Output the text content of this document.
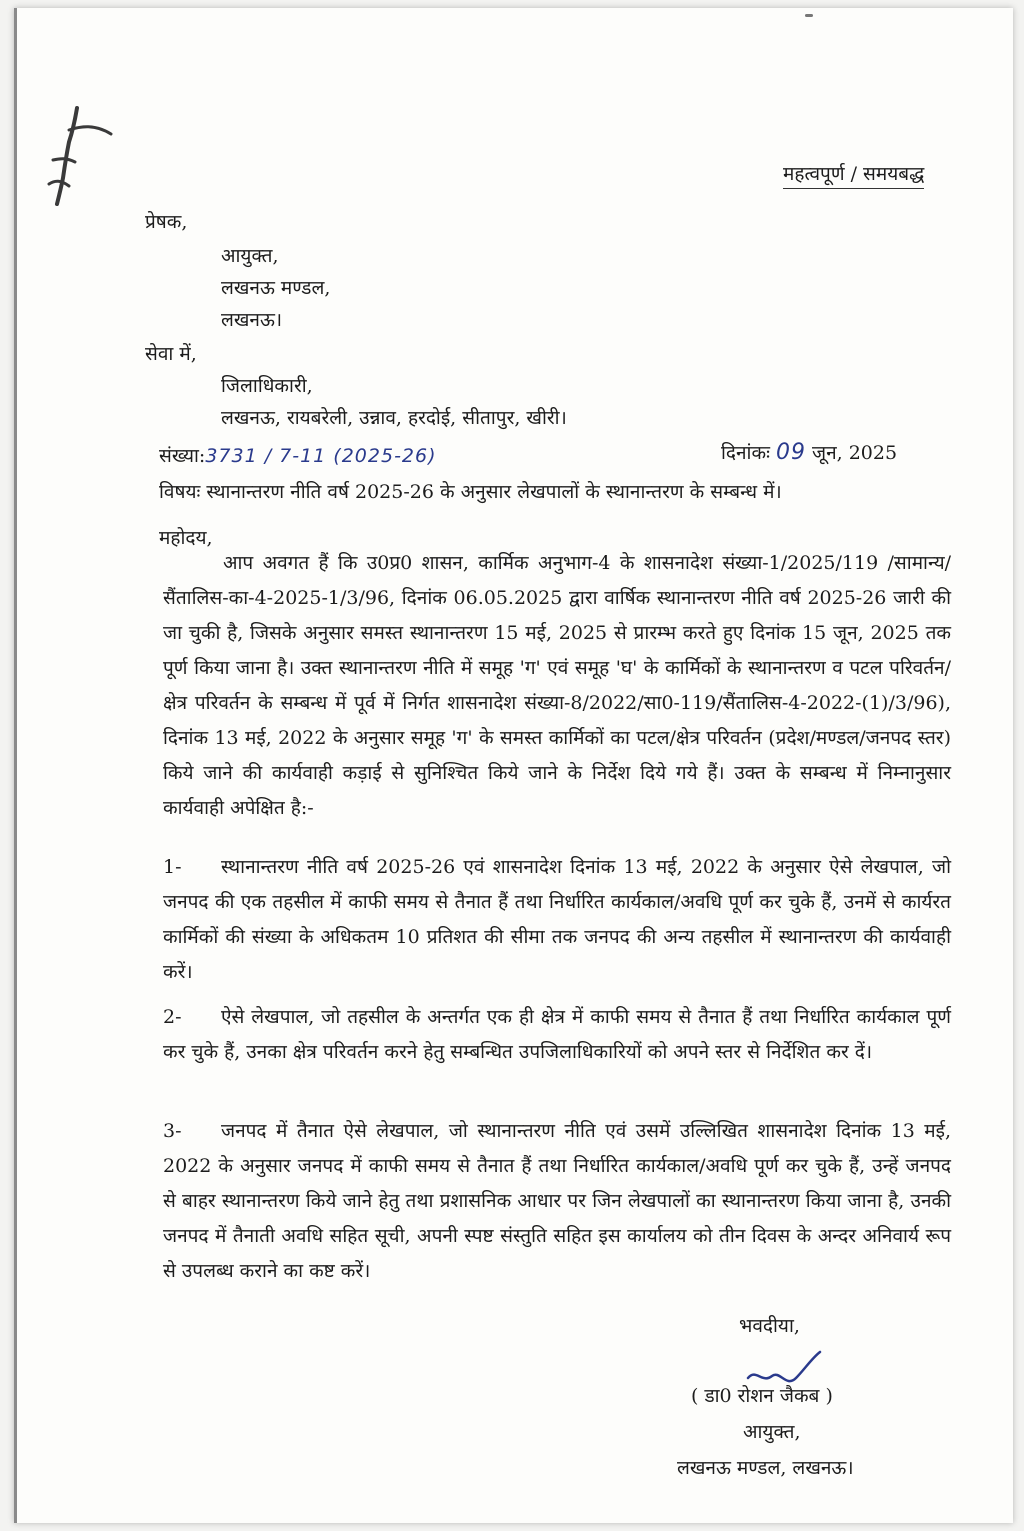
महत्वपूर्ण / समयबद्ध
प्रेषक,
आयुक्त,
लखनऊ मण्डल,
लखनऊ।
सेवा में,
जिलाधिकारी,
लखनऊ, रायबरेली, उन्नाव, हरदोई, सीतापुर, खीरी।
संख्या:3731 / 7-11 (2025-26)	दिनांकः 09 जून, 2025
विषयः स्थानान्तरण नीति वर्ष 2025-26 के अनुसार लेखपालों के स्थानान्तरण के सम्बन्ध में।
महोदय,
आप अवगत हैं कि उ0प्र0 शासन, कार्मिक अनुभाग-4 के शासनादेश संख्या-1/2025/119 /सामान्य/सैंतालिस-का-4-2025-1/3/96, दिनांक 06.05.2025 द्वारा वार्षिक स्थानान्तरण नीति वर्ष 2025-26 जारी की जा चुकी है, जिसके अनुसार समस्त स्थानान्तरण 15 मई, 2025 से प्रारम्भ करते हुए दिनांक 15 जून, 2025 तक पूर्ण किया जाना है। उक्त स्थानान्तरण नीति में समूह 'ग' एवं समूह 'घ' के कार्मिकों के स्थानान्तरण व पटल परिवर्तन/क्षेत्र परिवर्तन के सम्बन्ध में पूर्व में निर्गत शासनादेश संख्या-8/2022/सा0-119/सैंतालिस-4-2022-(1)/3/96), दिनांक 13 मई, 2022 के अनुसार समूह 'ग' के समस्त कार्मिकों का पटल/क्षेत्र परिवर्तन (प्रदेश/मण्डल/जनपद स्तर) किये जाने की कार्यवाही कड़ाई से सुनिश्चित किये जाने के निर्देश दिये गये हैं। उक्त के सम्बन्ध में निम्नानुसार कार्यवाही अपेक्षित है:-
1- स्थानान्तरण नीति वर्ष 2025-26 एवं शासनादेश दिनांक 13 मई, 2022 के अनुसार ऐसे लेखपाल, जो जनपद की एक तहसील में काफी समय से तैनात हैं तथा निर्धारित कार्यकाल/अवधि पूर्ण कर चुके हैं, उनमें से कार्यरत कार्मिकों की संख्या के अधिकतम 10 प्रतिशत की सीमा तक जनपद की अन्य तहसील में स्थानान्तरण की कार्यवाही करें।
2- ऐसे लेखपाल, जो तहसील के अन्तर्गत एक ही क्षेत्र में काफी समय से तैनात हैं तथा निर्धारित कार्यकाल पूर्ण कर चुके हैं, उनका क्षेत्र परिवर्तन करने हेतु सम्बन्धित उपजिलाधिकारियों को अपने स्तर से निर्देशित कर दें।
3- जनपद में तैनात ऐसे लेखपाल, जो स्थानान्तरण नीति एवं उसमें उल्लिखित शासनादेश दिनांक 13 मई, 2022 के अनुसार जनपद में काफी समय से तैनात हैं तथा निर्धारित कार्यकाल/अवधि पूर्ण कर चुके हैं, उन्हें जनपद से बाहर स्थानान्तरण किये जाने हेतु तथा प्रशासनिक आधार पर जिन लेखपालों का स्थानान्तरण किया जाना है, उनकी जनपद में तैनाती अवधि सहित सूची, अपनी स्पष्ट संस्तुति सहित इस कार्यालय को तीन दिवस के अन्दर अनिवार्य रूप से उपलब्ध कराने का कष्ट करें।
भवदीया,
( डा0 रोशन जैकब )
आयुक्त,
लखनऊ मण्डल, लखनऊ।
